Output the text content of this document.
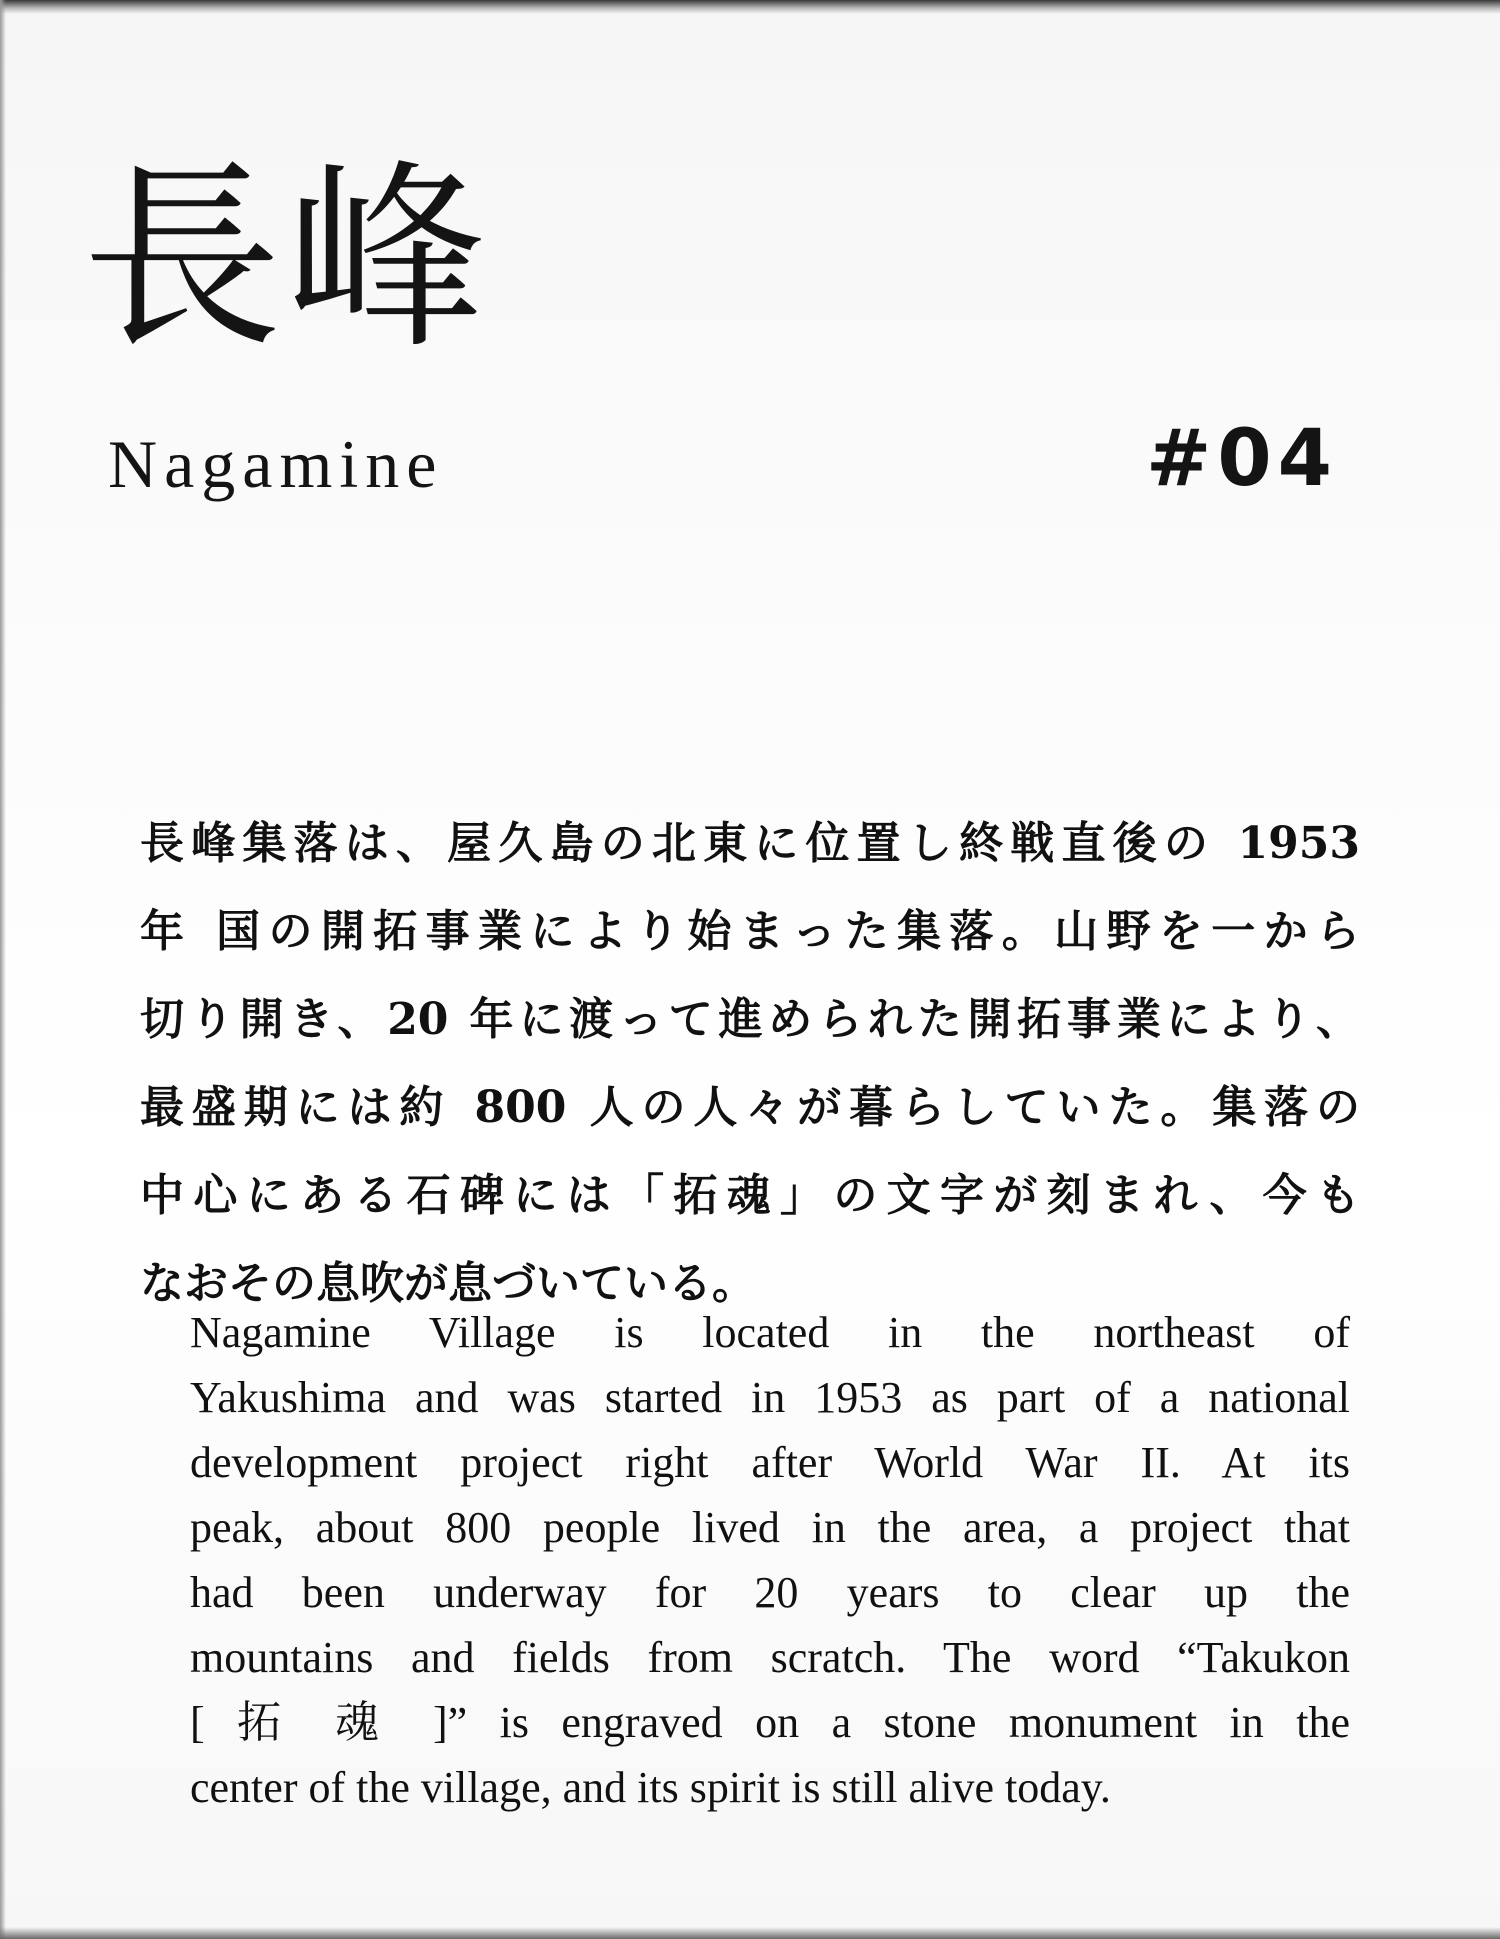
長峰
Nagamine	#04
長峰集落は、屋久島の北東に位置し終戦直後の 1953
年 国の開拓事業により始まった集落。山野を一から
切り開き、20 年に渡って進められた開拓事業により、
最盛期には約 800 人の人々が暮らしていた。集落の
中心にある石碑には「拓魂」の文字が刻まれ、今も
なおその息吹が息づいている。
Nagamine Village is located in the northeast of
Yakushima and was started in 1953 as part of a national
development project right after World War II. At its
peak, about 800 people lived in the area, a project that
had been underway for 20 years to clear up the
mountains and fields from scratch. The word “Takukon
[ 拓 魂 ]” is engraved on a stone monument in the
center of the village, and its spirit is still alive today.
